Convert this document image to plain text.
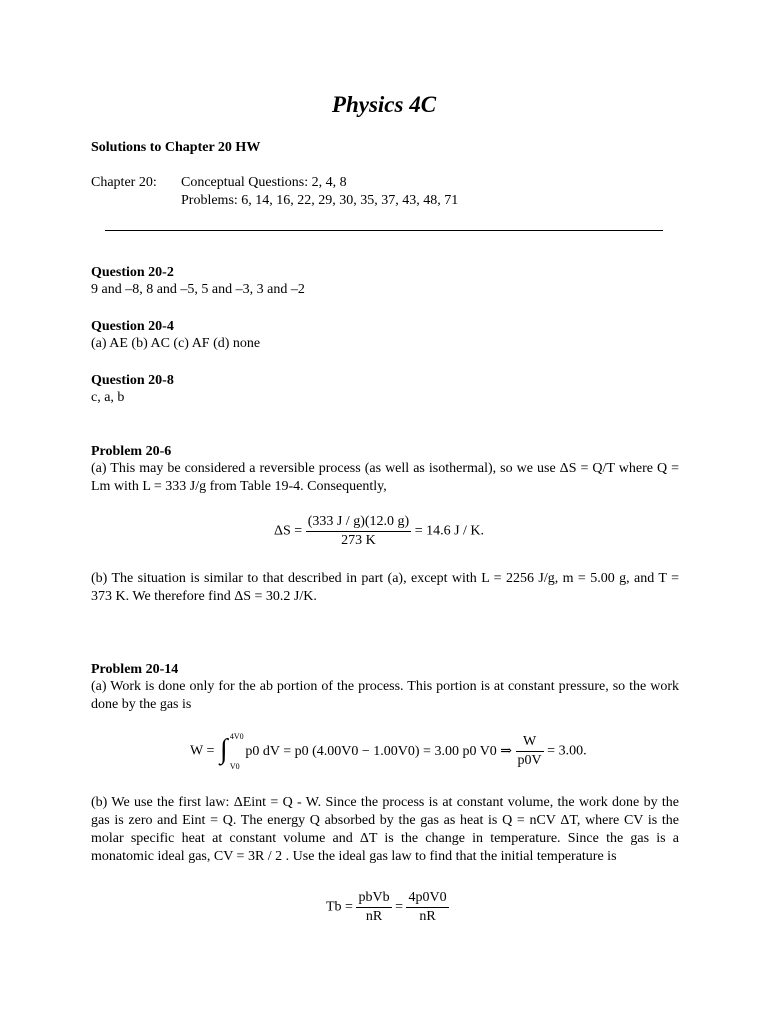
Physics 4C
Solutions to Chapter 20 HW
Chapter 20: Conceptual Questions: 2, 4, 8
Problems: 6, 14, 16, 22, 29, 30, 35, 37, 43, 48, 71
Question 20-2
9 and –8, 8 and –5, 5 and –3, 3 and –2
Question 20-4
(a) AE (b) AC (c) AF (d) none
Question 20-8
c, a, b
Problem 20-6
(a) This may be considered a reversible process (as well as isothermal), so we use ΔS = Q/T where Q = Lm with L = 333 J/g from Table 19-4. Consequently,
$\Delta S = \frac{(333 J / g)(12.0 g)}{273 K} = 14.6$ J / K.
(b) The situation is similar to that described in part (a), except with L = 2256 J/g, m = 5.00 g, and T = 373 K. We therefore find ΔS = 30.2 J/K.
Problem 20-14
(a) Work is done only for the ab portion of the process. This portion is at constant pressure, so the work done by the gas is
W = ∫ 4V0
V0
p0 dV = p0 (4.00V0 − 1.00V0) = 3.00 p0 V0 ⇒ $\frac{W}{p0V} = 3.00$.
(b) We use the first law: ΔEint = Q - W. Since the process is at constant volume, the work done by the gas is zero and Eint = Q. The energy Q absorbed by the gas as heat is Q = nCV ΔT, where CV is the molar specific heat at constant volume and ΔT is the change in temperature. Since the gas is a monatomic ideal gas, CV = 3R / 2 . Use the ideal gas law to find that the initial temperature is
$Tb = \frac{\text{pbVb}}{nR} = \frac{4p0V0}{nR}$
